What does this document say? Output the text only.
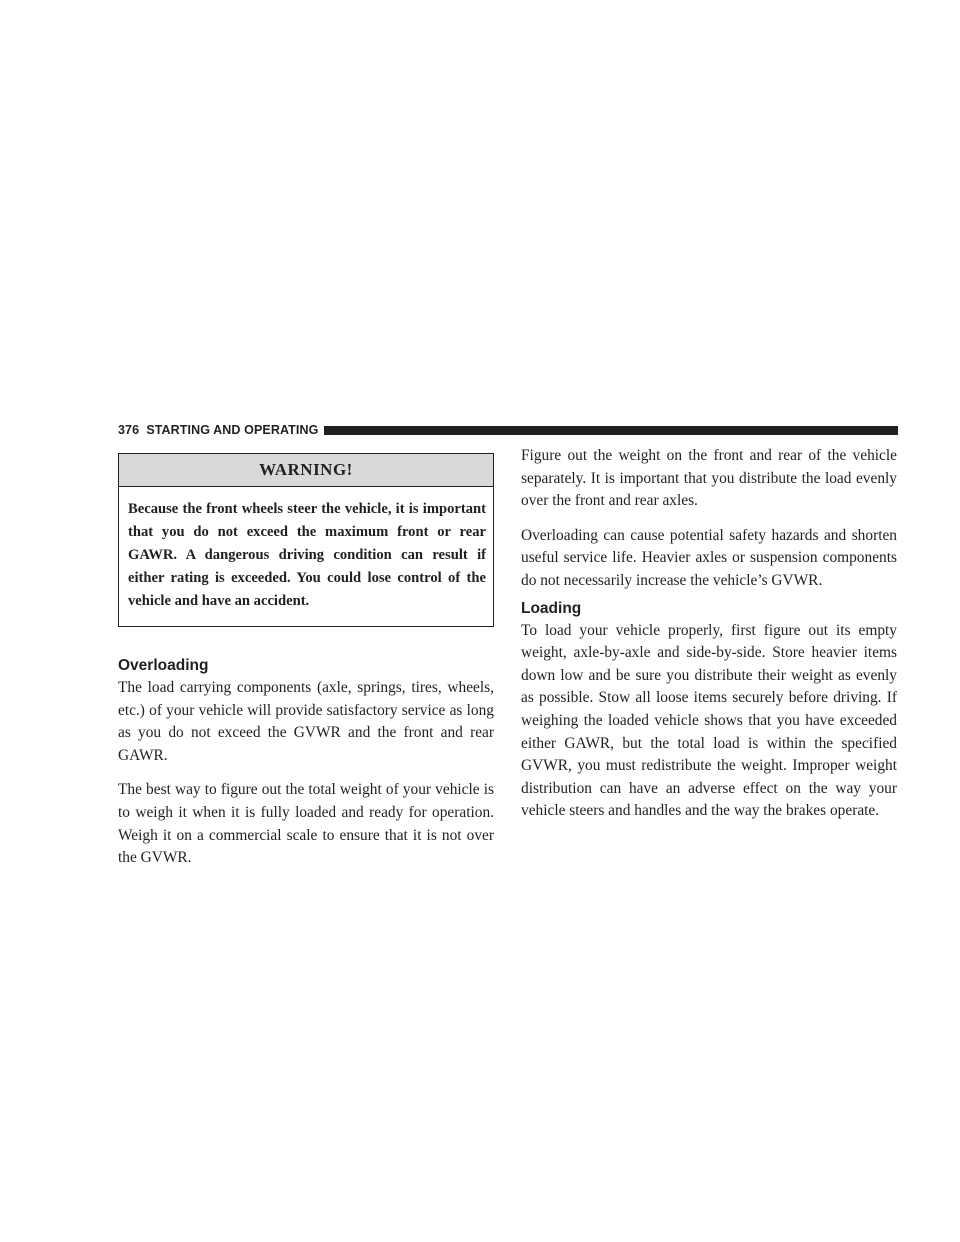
376 STARTING AND OPERATING
WARNING!
Because the front wheels steer the vehicle, it is important that you do not exceed the maximum front or rear GAWR. A dangerous driving condition can result if either rating is exceeded. You could lose control of the vehicle and have an accident.
Overloading

The load carrying components (axle, springs, tires, wheels, etc.) of your vehicle will provide satisfactory service as long as you do not exceed the GVWR and the front and rear GAWR.

The best way to figure out the total weight of your vehicle is to weigh it when it is fully loaded and ready for operation. Weigh it on a commercial scale to ensure that it is not over the GVWR.

Figure out the weight on the front and rear of the vehicle separately. It is important that you distribute the load evenly over the front and rear axles.

Overloading can cause potential safety hazards and shorten useful service life. Heavier axles or suspension components do not necessarily increase the vehicle’s GVWR.

Loading

To load your vehicle properly, first figure out its empty weight, axle-by-axle and side-by-side. Store heavier items down low and be sure you distribute their weight as evenly as possible. Stow all loose items securely before driving. If weighing the loaded vehicle shows that you have exceeded either GAWR, but the total load is within the specified GVWR, you must redistribute the weight. Improper weight distribution can have an adverse effect on the way your vehicle steers and handles and the way the brakes operate.
